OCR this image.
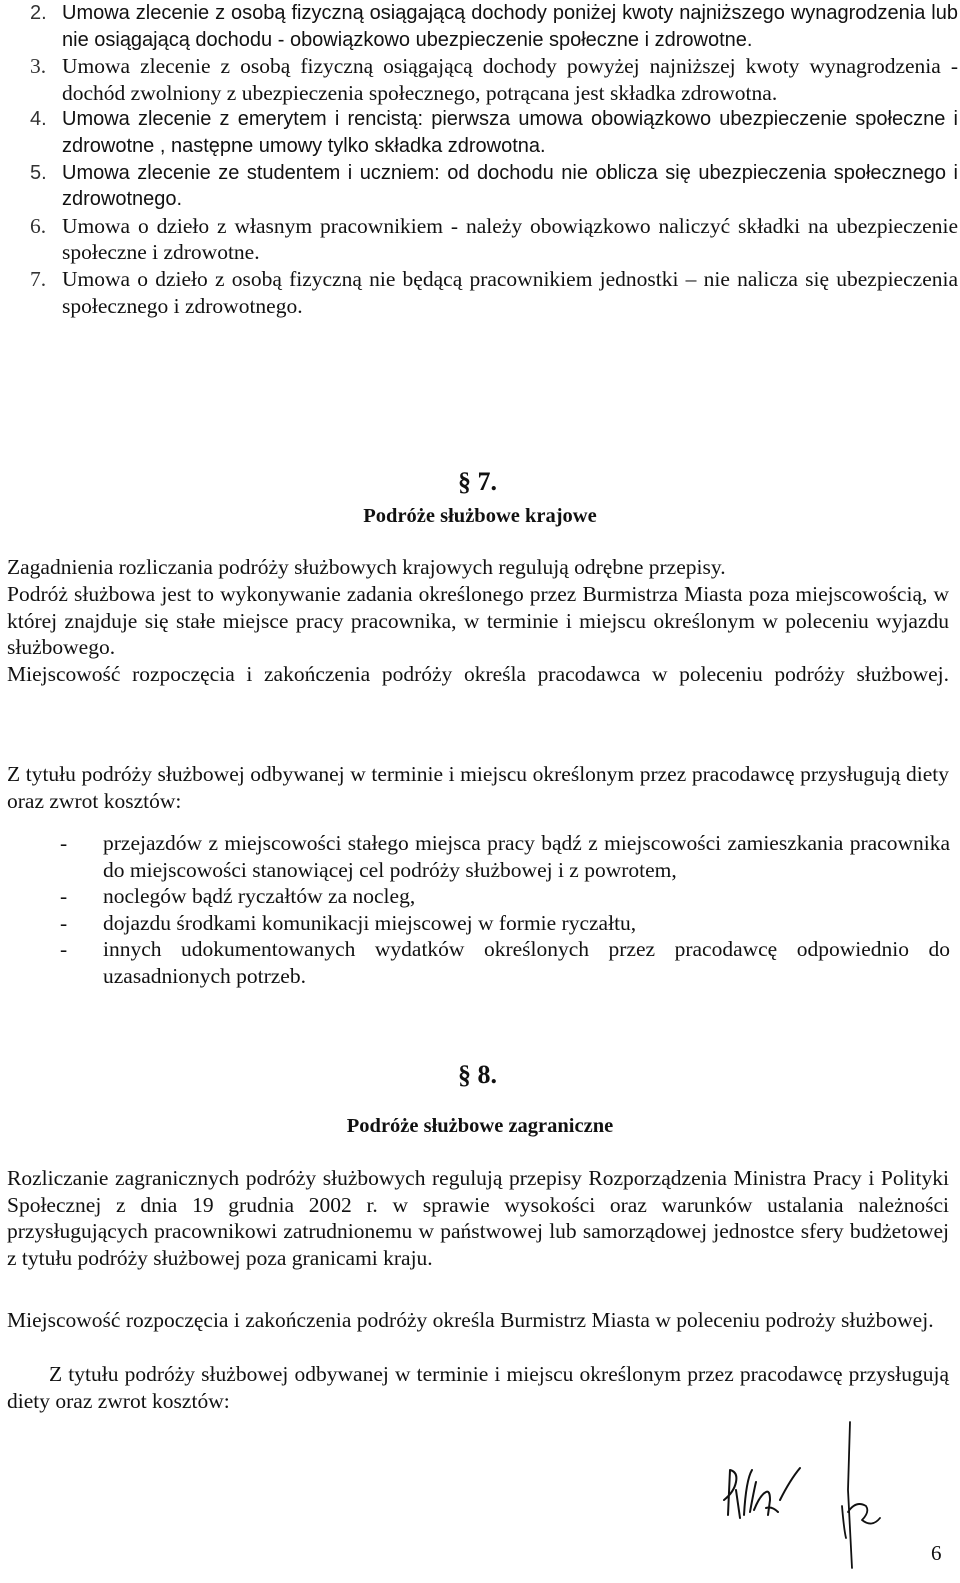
2. Umowa zlecenie z osobą fizyczną osiągającą dochody poniżej kwoty najniższego wynagrodzenia lub nie osiągającą dochodu - obowiązkowo ubezpieczenie społeczne i zdrowotne.

3. Umowa zlecenie z osobą fizyczną osiągającą dochody powyżej najniższej kwoty wynagrodzenia - dochód zwolniony z ubezpieczenia społecznego, potrącana jest składka zdrowotna.

4. Umowa zlecenie z emerytem i rencistą: pierwsza umowa obowiązkowo ubezpieczenie społeczne i zdrowotne , następne umowy tylko składka zdrowotna.

5. Umowa zlecenie ze studentem i uczniem: od dochodu nie oblicza się ubezpieczenia społecznego i zdrowotnego.

6. Umowa o dzieło z własnym pracownikiem - należy obowiązkowo naliczyć składki na ubezpieczenie społeczne i zdrowotne.

7. Umowa o dzieło z osobą fizyczną nie będącą pracownikiem jednostki – nie nalicza się ubezpieczenia społecznego i zdrowotnego.

§ 7.
Podróże służbowe krajowe

Zagadnienia rozliczania podróży służbowych krajowych regulują odrębne przepisy.

Podróż służbowa jest to wykonywanie zadania określonego przez Burmistrza Miasta poza miejscowością, w której znajduje się stałe miejsce pracy pracownika, w terminie i miejscu określonym w poleceniu wyjazdu służbowego.

Miejscowość rozpoczęcia i zakończenia podróży określa pracodawca w poleceniu podróży służbowej.

Z tytułu podróży służbowej odbywanej w terminie i miejscu określonym przez pracodawcę przysługują diety oraz zwrot kosztów:

- przejazdów z miejscowości stałego miejsca pracy bądź z miejscowości zamieszkania pracownika do miejscowości stanowiącej cel podróży służbowej i z powrotem,

- noclegów bądź ryczałtów za nocleg,

- dojazdu środkami komunikacji miejscowej w formie ryczałtu,

- innych udokumentowanych wydatków określonych przez pracodawcę odpowiednio do uzasadnionych potrzeb.

§ 8.
Podróże służbowe zagraniczne

Rozliczanie zagranicznych podróży służbowych regulują przepisy Rozporządzenia Ministra Pracy i Polityki Społecznej z dnia 19 grudnia 2002 r. w sprawie wysokości oraz warunków ustalania należności przysługujących pracownikowi zatrudnionemu w państwowej lub samorządowej jednostce sfery budżetowej z tytułu podróży służbowej poza granicami kraju.

Miejscowość rozpoczęcia i zakończenia podróży określa Burmistrz Miasta w poleceniu podroży służbowej.

Z tytułu podróży służbowej odbywanej w terminie i miejscu określonym przez pracodawcę przysługują diety oraz zwrot kosztów:

6
